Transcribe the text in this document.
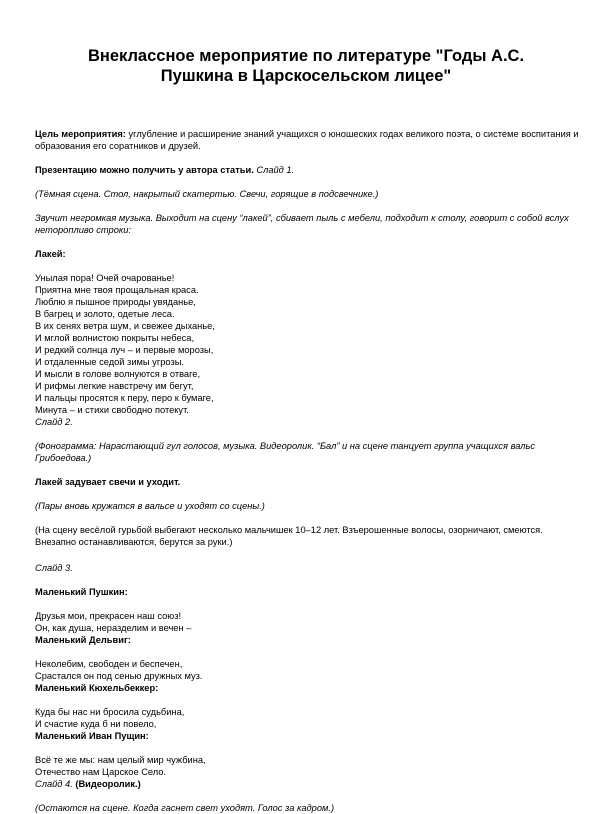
Внеклассное мероприятие по литературе "Годы А.С.
Пушкина в Царскосельском лицее"

Цель мероприятия: углубление и расширение знаний учащихся о юношеских годах великого поэта, о системе воспитания и образования его соратников и друзей.

Презентацию можно получить у автора статьи. Слайд 1.

(Тёмная сцена. Стол, накрытый скатертью. Свечи, горящие в подсвечнике.)

Звучит негромкая музыка. Выходит на сцену “лакей”, сбивает пыль с мебели, подходит к столу, говорит с собой вслух неторопливо строки:

Лакей:

Унылая пора! Очей очарованье!

Приятна мне твоя прощальная краса.

Люблю я пышное природы увяданье,

В багрец и золото, одетые леса.

В их сенях ветра шум, и свежее дыханье,

И мглой волнистою покрыты небеса,

И редкий солнца луч – и первые морозы,

И отдаленные седой зимы угрозы.

И мысли в голове волнуются в отваге,

И рифмы легкие навстречу им бегут,

И пальцы просятся к перу, перо к бумаге,

Минута – и стихи свободно потекут.

Слайд 2.

(Фонограмма: Нарастающий гул голосов, музыка. Видеоролик. “Бал” и на сцене танцует группа учащихся вальс Грибоедова.)

Лакей задувает свечи и уходит.

(Пары вновь кружатся в вальсе и уходят со сцены.)

(На сцену весёлой гурьбой выбегают несколько мальчишек 10–12 лет. Взъерошенные волосы, озорничают, смеются. Внезапно останавливаются, берутся за руки.)

Слайд 3.

Маленький Пушкин:

Друзья мои, прекрасен наш союз!

Он, как душа, неразделим и вечен –

Маленький Дельвиг:

Неколебим, свободен и беспечен,

Срастался он под сенью дружных муз.

Маленький Кюхельбеккер:

Куда бы нас ни бросила судьбина,

И счастие куда б ни повело,

Маленький Иван Пущин:

Всё те же мы: нам целый мир чужбина,

Отечество нам Царское Село.

Слайд 4. (Видеоролик.)

(Остаются на сцене. Когда гаснет свет уходят. Голос за кадром.)
